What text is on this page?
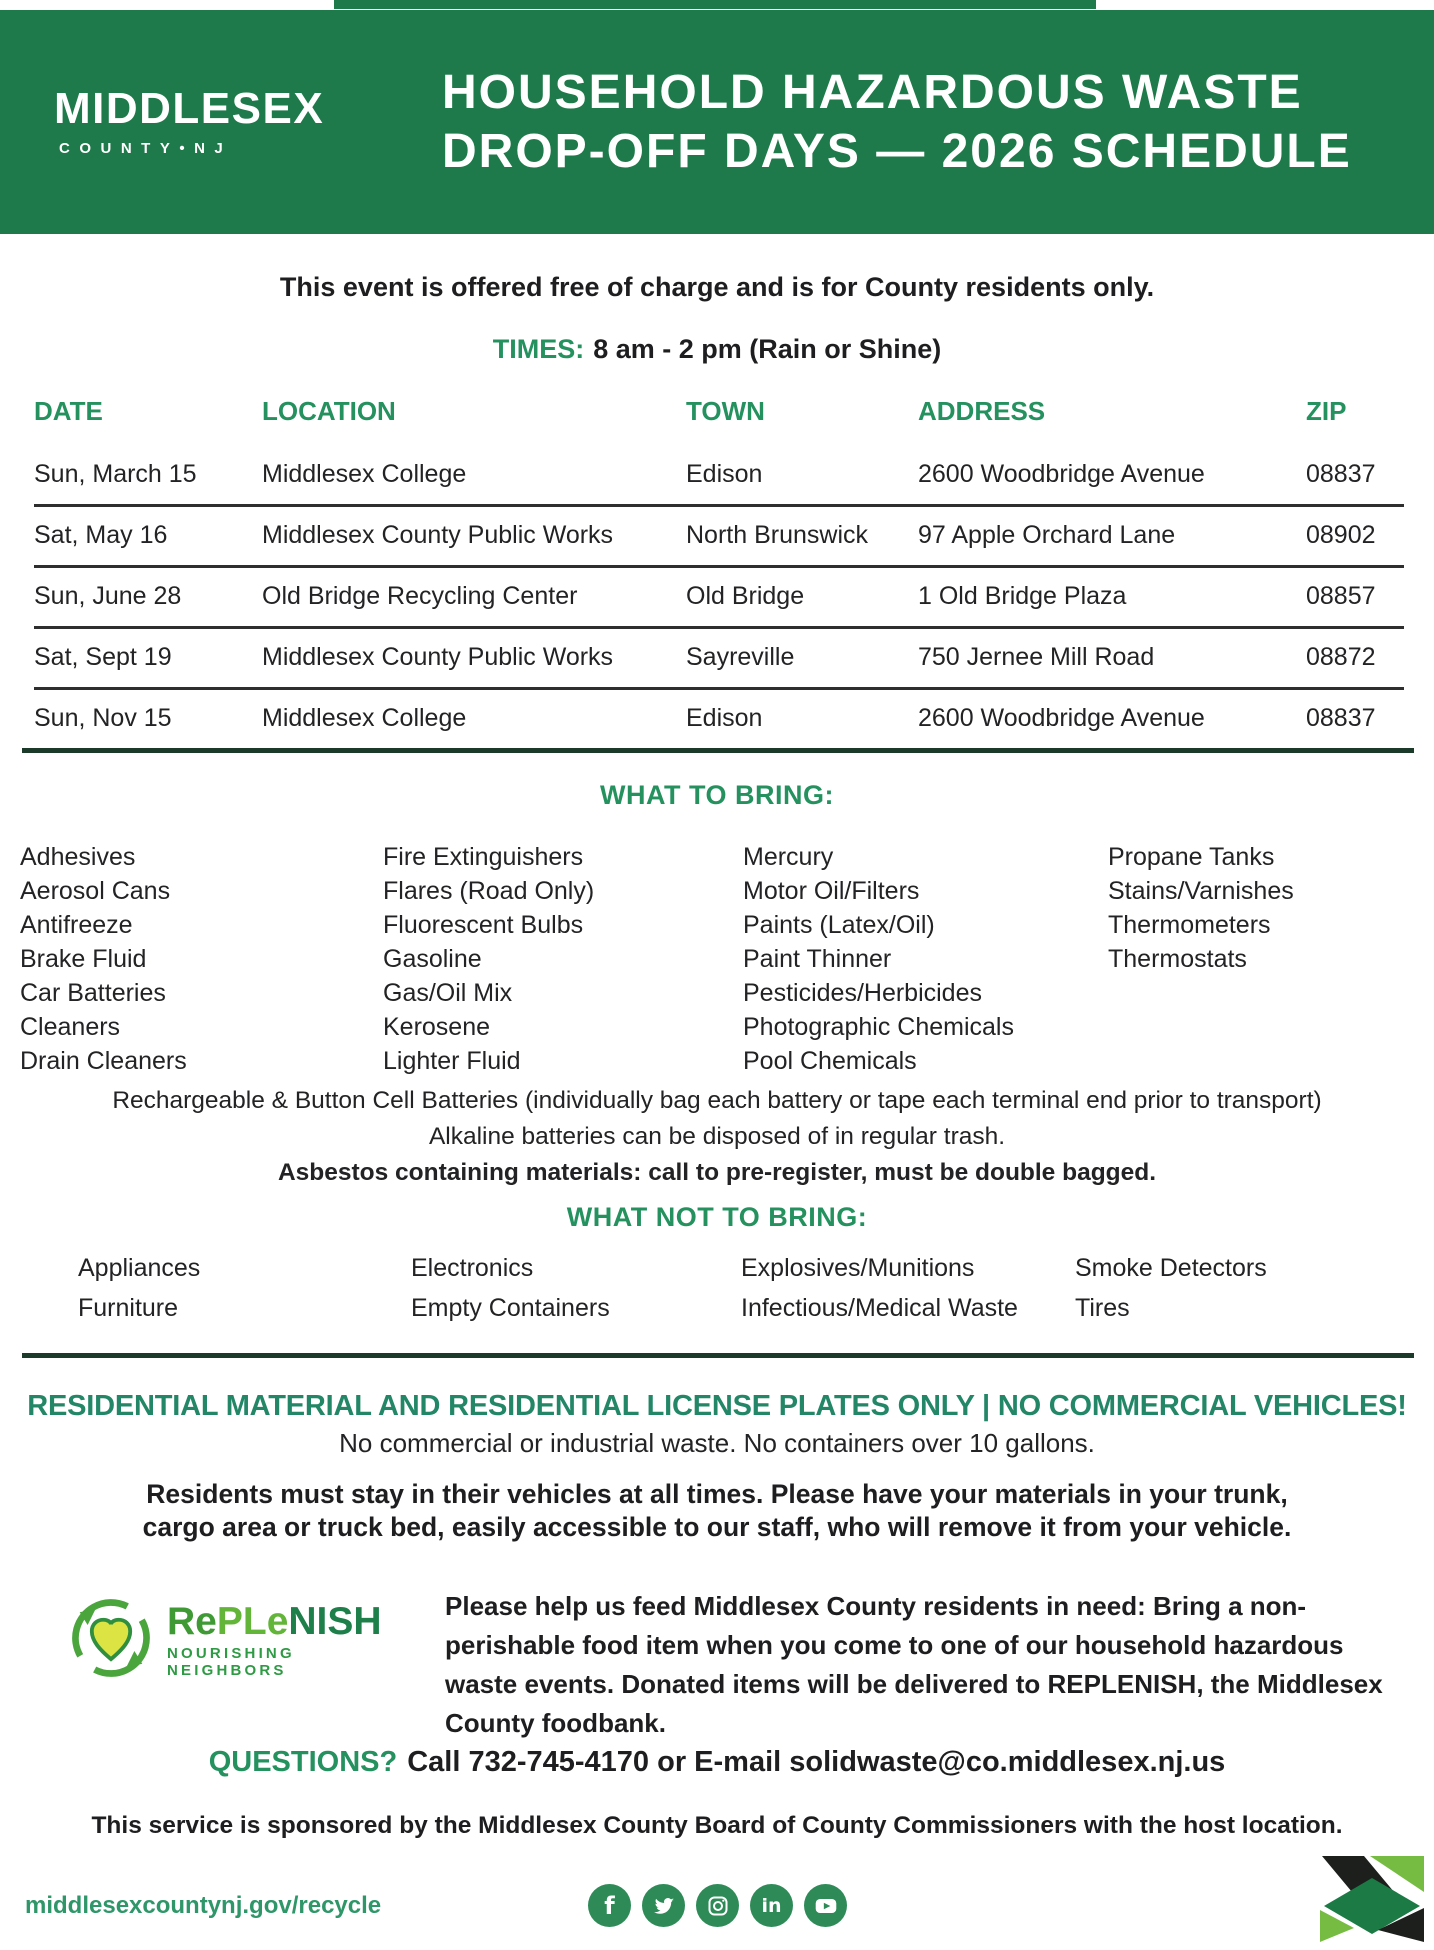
MIDDLESEX
COUNTY•NJ
HOUSEHOLD HAZARDOUS WASTE
DROP-OFF DAYS — 2026 SCHEDULE
This event is offered free of charge and is for County residents only.
TIMES: 8 am - 2 pm (Rain or Shine)
DATE	LOCATION	TOWN	ADDRESS	ZIP
Sun, March 15	Middlesex College	Edison	2600 Woodbridge Avenue	08837
Sat, May 16	Middlesex County Public Works	North Brunswick	97 Apple Orchard Lane	08902
Sun, June 28	Old Bridge Recycling Center	Old Bridge	1 Old Bridge Plaza	08857
Sat, Sept 19	Middlesex County Public Works	Sayreville	750 Jernee Mill Road	08872
Sun, Nov 15	Middlesex College	Edison	2600 Woodbridge Avenue	08837
WHAT TO BRING:
Adhesives
Aerosol Cans
Antifreeze
Brake Fluid
Car Batteries
Cleaners
Drain Cleaners
Fire Extinguishers
Flares (Road Only)
Fluorescent Bulbs
Gasoline
Gas/Oil Mix
Kerosene
Lighter Fluid
Mercury
Motor Oil/Filters
Paints (Latex/Oil)
Paint Thinner
Pesticides/Herbicides
Photographic Chemicals
Pool Chemicals
Propane Tanks
Stains/Varnishes
Thermometers
Thermostats
Rechargeable & Button Cell Batteries (individually bag each battery or tape each terminal end prior to transport)
Alkaline batteries can be disposed of in regular trash.
Asbestos containing materials: call to pre-register, must be double bagged.
WHAT NOT TO BRING:
Appliances
Furniture
Electronics
Empty Containers
Explosives/Munitions
Infectious/Medical Waste
Smoke Detectors
Tires
RESIDENTIAL MATERIAL AND RESIDENTIAL LICENSE PLATES ONLY | NO COMMERCIAL VEHICLES!
No commercial or industrial waste. No containers over 10 gallons.
Residents must stay in their vehicles at all times. Please have your materials in your trunk,
cargo area or truck bed, easily accessible to our staff, who will remove it from your vehicle.
RePLeNISH
NOURISHING NEIGHBORS
Please help us feed Middlesex County residents in need: Bring a non-perishable food item when you come to one of our household hazardous waste events. Donated items will be delivered to REPLENISH, the Middlesex County foodbank.
QUESTIONS? Call 732-745-4170 or E-mail solidwaste@co.middlesex.nj.us
This service is sponsored by the Middlesex County Board of County Commissioners with the host location.
middlesexcountynj.gov/recycle	f	in
